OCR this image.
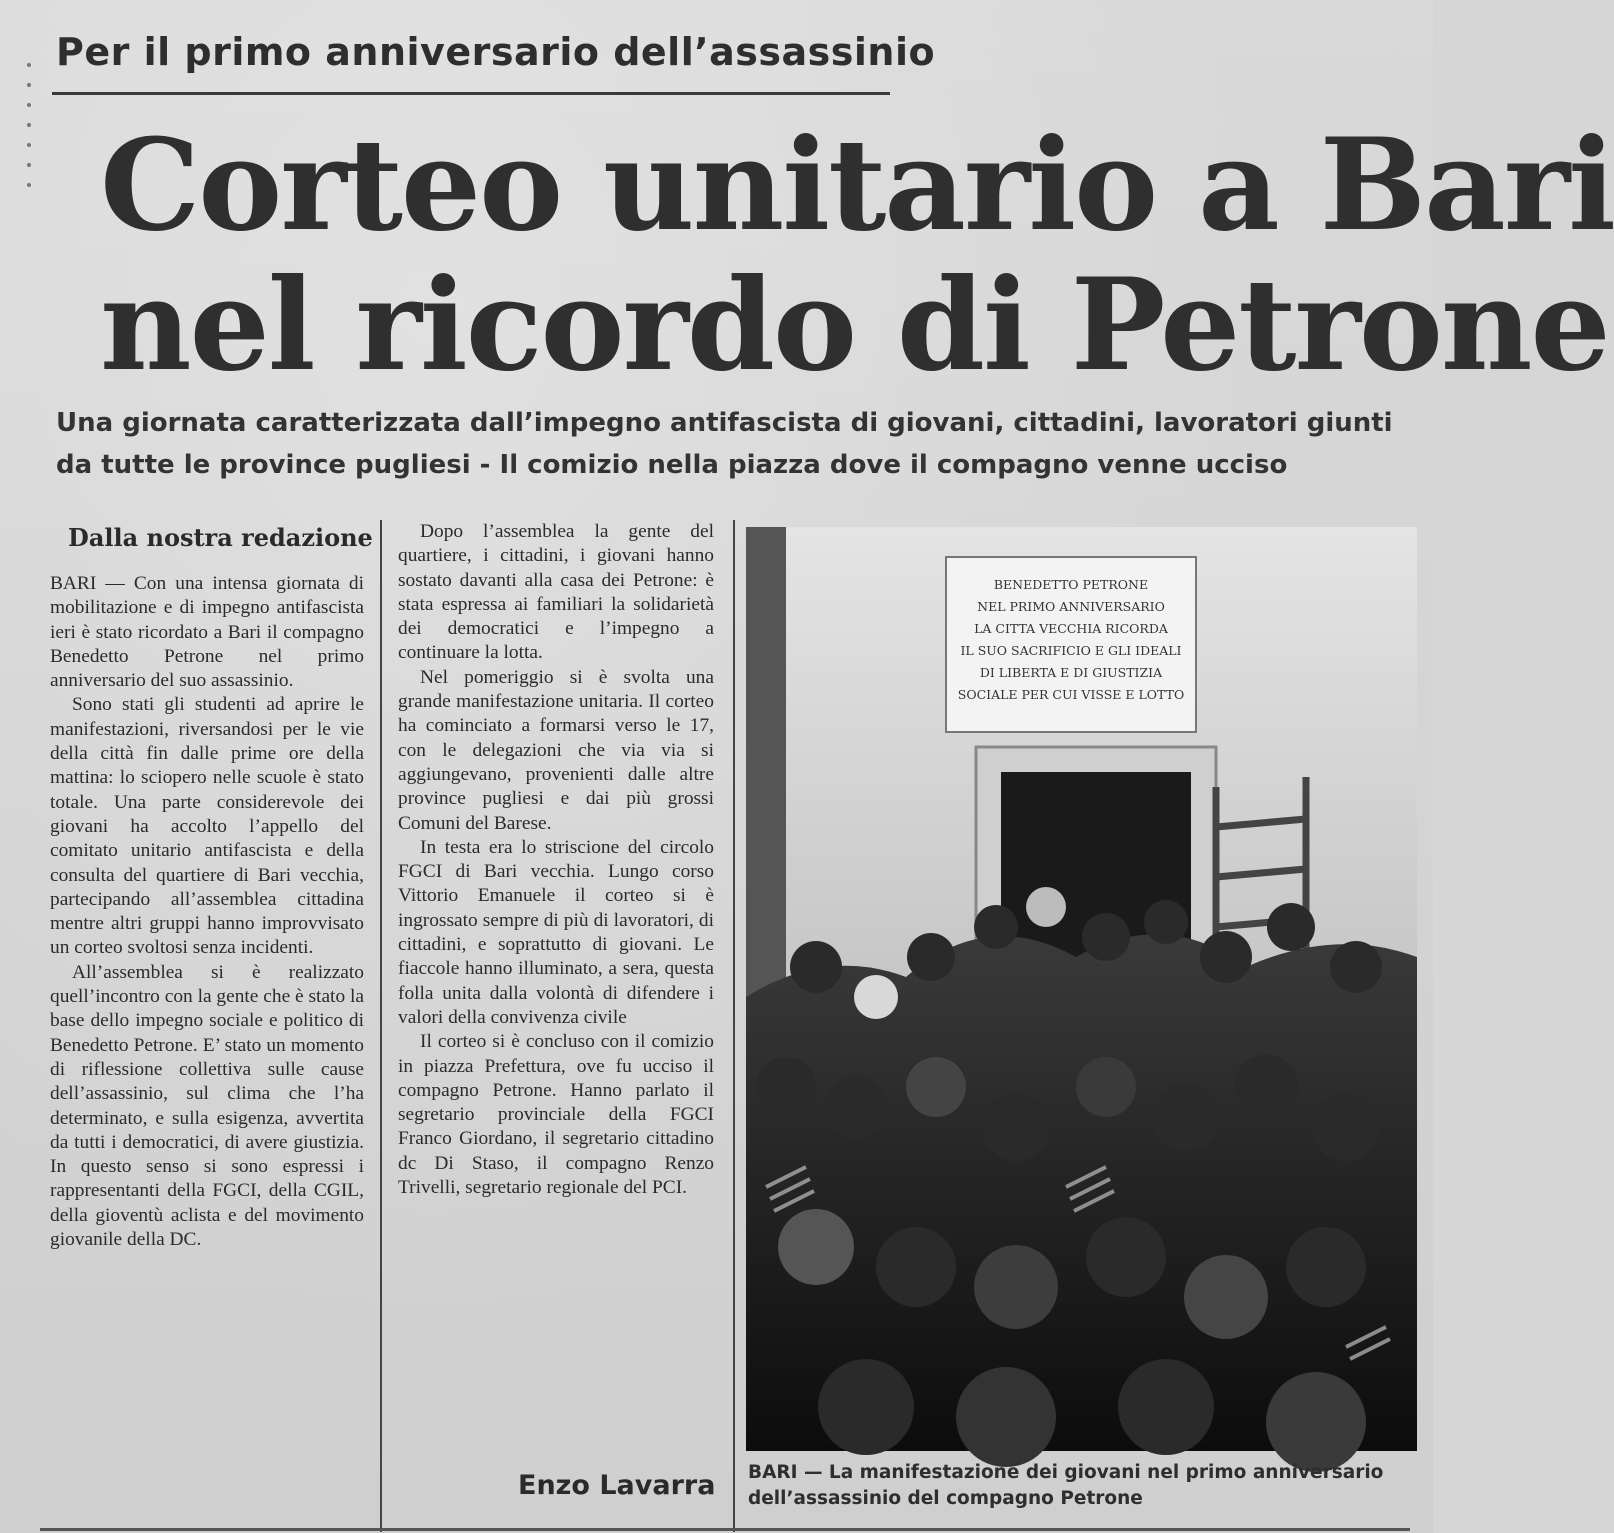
Per il primo anniversario dell’assassinio
Corteo unitario a Bari
nel ricordo di Petrone
Una giornata caratterizzata dall’impegno antifascista di giovani, cittadini, lavoratori giunti da tutte le province pugliesi - Il comizio nella piazza dove il compagno venne ucciso
Dalla nostra redazione

BARI — Con una intensa giornata di mobilitazione e di impegno antifascista ieri è stato ricordato a Bari il compagno Benedetto Petrone nel primo anniversario del suo assassinio.

Sono stati gli studenti ad aprire le manifestazioni, riversandosi per le vie della città fin dalle prime ore della mattina: lo sciopero nelle scuole è stato totale. Una parte considerevole dei giovani ha accolto l’appello del comitato unitario antifascista e della consulta del quartiere di Bari vecchia, partecipando all’assemblea cittadina mentre altri gruppi hanno improvvisato un corteo svoltosi senza incidenti.

All’assemblea si è realizzato quell’incontro con la gente che è stato la base dello impegno sociale e politico di Benedetto Petrone. E’ stato un momento di riflessione collettiva sulle cause dell’assassinio, sul clima che l’ha determinato, e sulla esigenza, avvertita da tutti i democratici, di avere giustizia. In questo senso si sono espressi i rappresentanti della FGCI, della CGIL, della gioventù aclista e del movimento giovanile della DC.

Dopo l’assemblea la gente del quartiere, i cittadini, i giovani hanno sostato davanti alla casa dei Petrone: è stata espressa ai familiari la solidarietà dei democratici e l’impegno a continuare la lotta.

Nel pomeriggio si è svolta una grande manifestazione unitaria. Il corteo ha cominciato a formarsi verso le 17, con le delegazioni che via via si aggiungevano, provenienti dalle altre province pugliesi e dai più grossi Comuni del Barese.

In testa era lo striscione del circolo FGCI di Bari vecchia. Lungo corso Vittorio Emanuele il corteo si è ingrossato sempre di più di lavoratori, di cittadini, e soprattutto di giovani. Le fiaccole hanno illuminato, a sera, questa folla unita dalla volontà di difendere i valori della convivenza civile

Il corteo si è concluso con il comizio in piazza Prefettura, ove fu ucciso il compagno Petrone. Hanno parlato il segretario provinciale della FGCI Franco Giordano, il segretario cittadino dc Di Staso, il compagno Renzo Trivelli, segretario regionale del PCI.

Enzo Lavarra
BENEDETTO PETRONE
NEL PRIMO ANNIVERSARIO
LA CITTA VECCHIA RICORDA
IL SUO SACRIFICIO E GLI IDEALI
DI LIBERTA E DI GIUSTIZIA
SOCIALE PER CUI VISSE E LOTTO
BARI — La manifestazione dei giovani nel primo anniversario dell’assassinio del compagno Petrone
